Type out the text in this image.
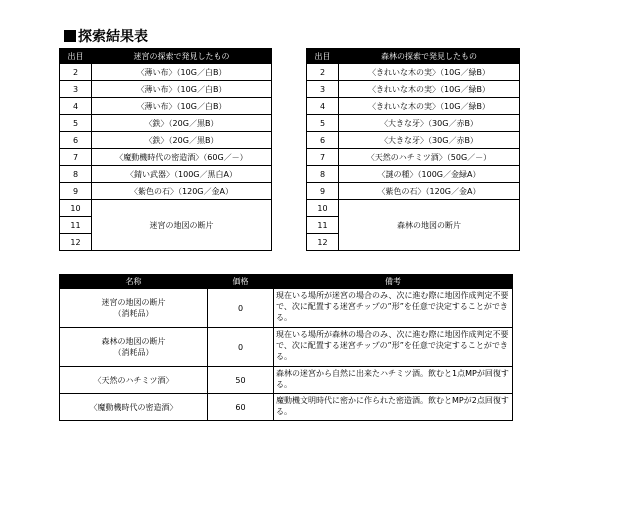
探索結果表
出目	迷宮の探索で発見したもの
2	〈薄い布〉（10G／白B）
3	〈薄い布〉（10G／白B）
4	〈薄い布〉（10G／白B）
5	〈鉄〉（20G／黒B）
6	〈鉄〉（20G／黒B）
7	〈魔動機時代の密造酒〉（60G／－）
8	〈錆い武器〉（100G／黒白A）
9	〈紫色の石〉（120G／金A）
10	迷宮の地図の断片
11	
12	
出目	森林の探索で発見したもの
2	〈きれいな木の実〉（10G／緑B）
3	〈きれいな木の実〉（10G／緑B）
4	〈きれいな木の実〉（10G／緑B）
5	〈大きな牙〉（30G／赤B）
6	〈大きな牙〉（30G／赤B）
7	〈天然のハチミツ酒〉（50G／－）
8	〈謎の種〉（100G／金緑A）
9	〈紫色の石〉（120G／金A）
10	森林の地図の断片
11	
12	
名称	価格	備考
迷宮の地図の断片
（消耗品）	0	現在いる場所が迷宮の場合のみ、次に進む際に地図作成判定不要で、次に配置する迷宮チップの”形”を任意で決定することができる。
森林の地図の断片
（消耗品）	0	現在いる場所が森林の場合のみ、次に進む際に地図作成判定不要で、次に配置する迷宮チップの”形”を任意で決定することができる。
〈天然のハチミツ酒〉	50	森林の迷宮から自然に出来たハチミツ酒。飲むと1点MPが回復する。
〈魔動機時代の密造酒〉	60	魔動機文明時代に密かに作られた密造酒。飲むとMPが2点回復する。
